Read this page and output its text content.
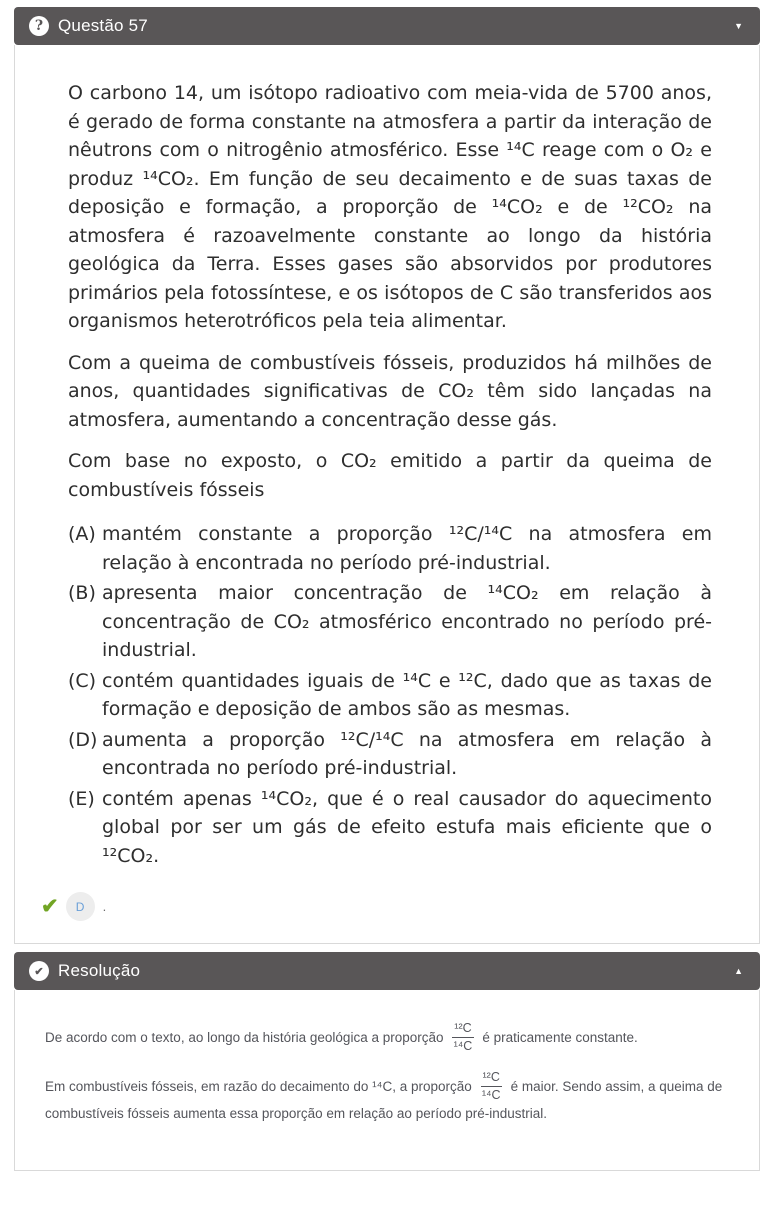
? Questão 57	▼

O carbono 14, um isótopo radioativo com meia-vida de 5700 anos, é gerado de forma constante na atmosfera a partir da interação de nêutrons com o nitrogênio atmosférico. Esse ¹⁴C reage com o O₂ e produz ¹⁴CO₂. Em função de seu decaimento e de suas taxas de deposição e formação, a proporção de ¹⁴CO₂ e de ¹²CO₂ na atmosfera é razoavelmente constante ao longo da história geológica da Terra. Esses gases são absorvidos por produtores primários pela fotossíntese, e os isótopos de C são transferidos aos organismos heterotróficos pela teia alimentar.

Com a queima de combustíveis fósseis, produzidos há milhões de anos, quantidades significativas de CO₂ têm sido lançadas na atmosfera, aumentando a concentração desse gás.

Com base no exposto, o CO₂ emitido a partir da queima de combustíveis fósseis

(A) mantém constante a proporção ¹²C/¹⁴C na atmosfera em relação à encontrada no período pré-industrial.
(B) apresenta maior concentração de ¹⁴CO₂ em relação à concentração de CO₂ atmosférico encontrado no período pré-industrial.
(C) contém quantidades iguais de ¹⁴C e ¹²C, dado que as taxas de formação e deposição de ambos são as mesmas.
(D) aumenta a proporção ¹²C/¹⁴C na atmosfera em relação à encontrada no período pré-industrial.
(E) contém apenas ¹⁴CO₂, que é o real causador do aquecimento global por ser um gás de efeito estufa mais eficiente que o ¹²CO₂.
✔	D	.
✔ Resolução	▲

De acordo com o texto, ao longo da história geológica a proporção $\frac{\text{¹²C}}{\text{¹⁴C}}$ é praticamente constante.

Em combustíveis fósseis, em razão do decaimento do ¹⁴C, a proporção $\frac{\text{¹²C}}{\text{¹⁴C}}$ é maior. Sendo assim, a queima de combustíveis fósseis aumenta essa proporção em relação ao período pré-industrial.
